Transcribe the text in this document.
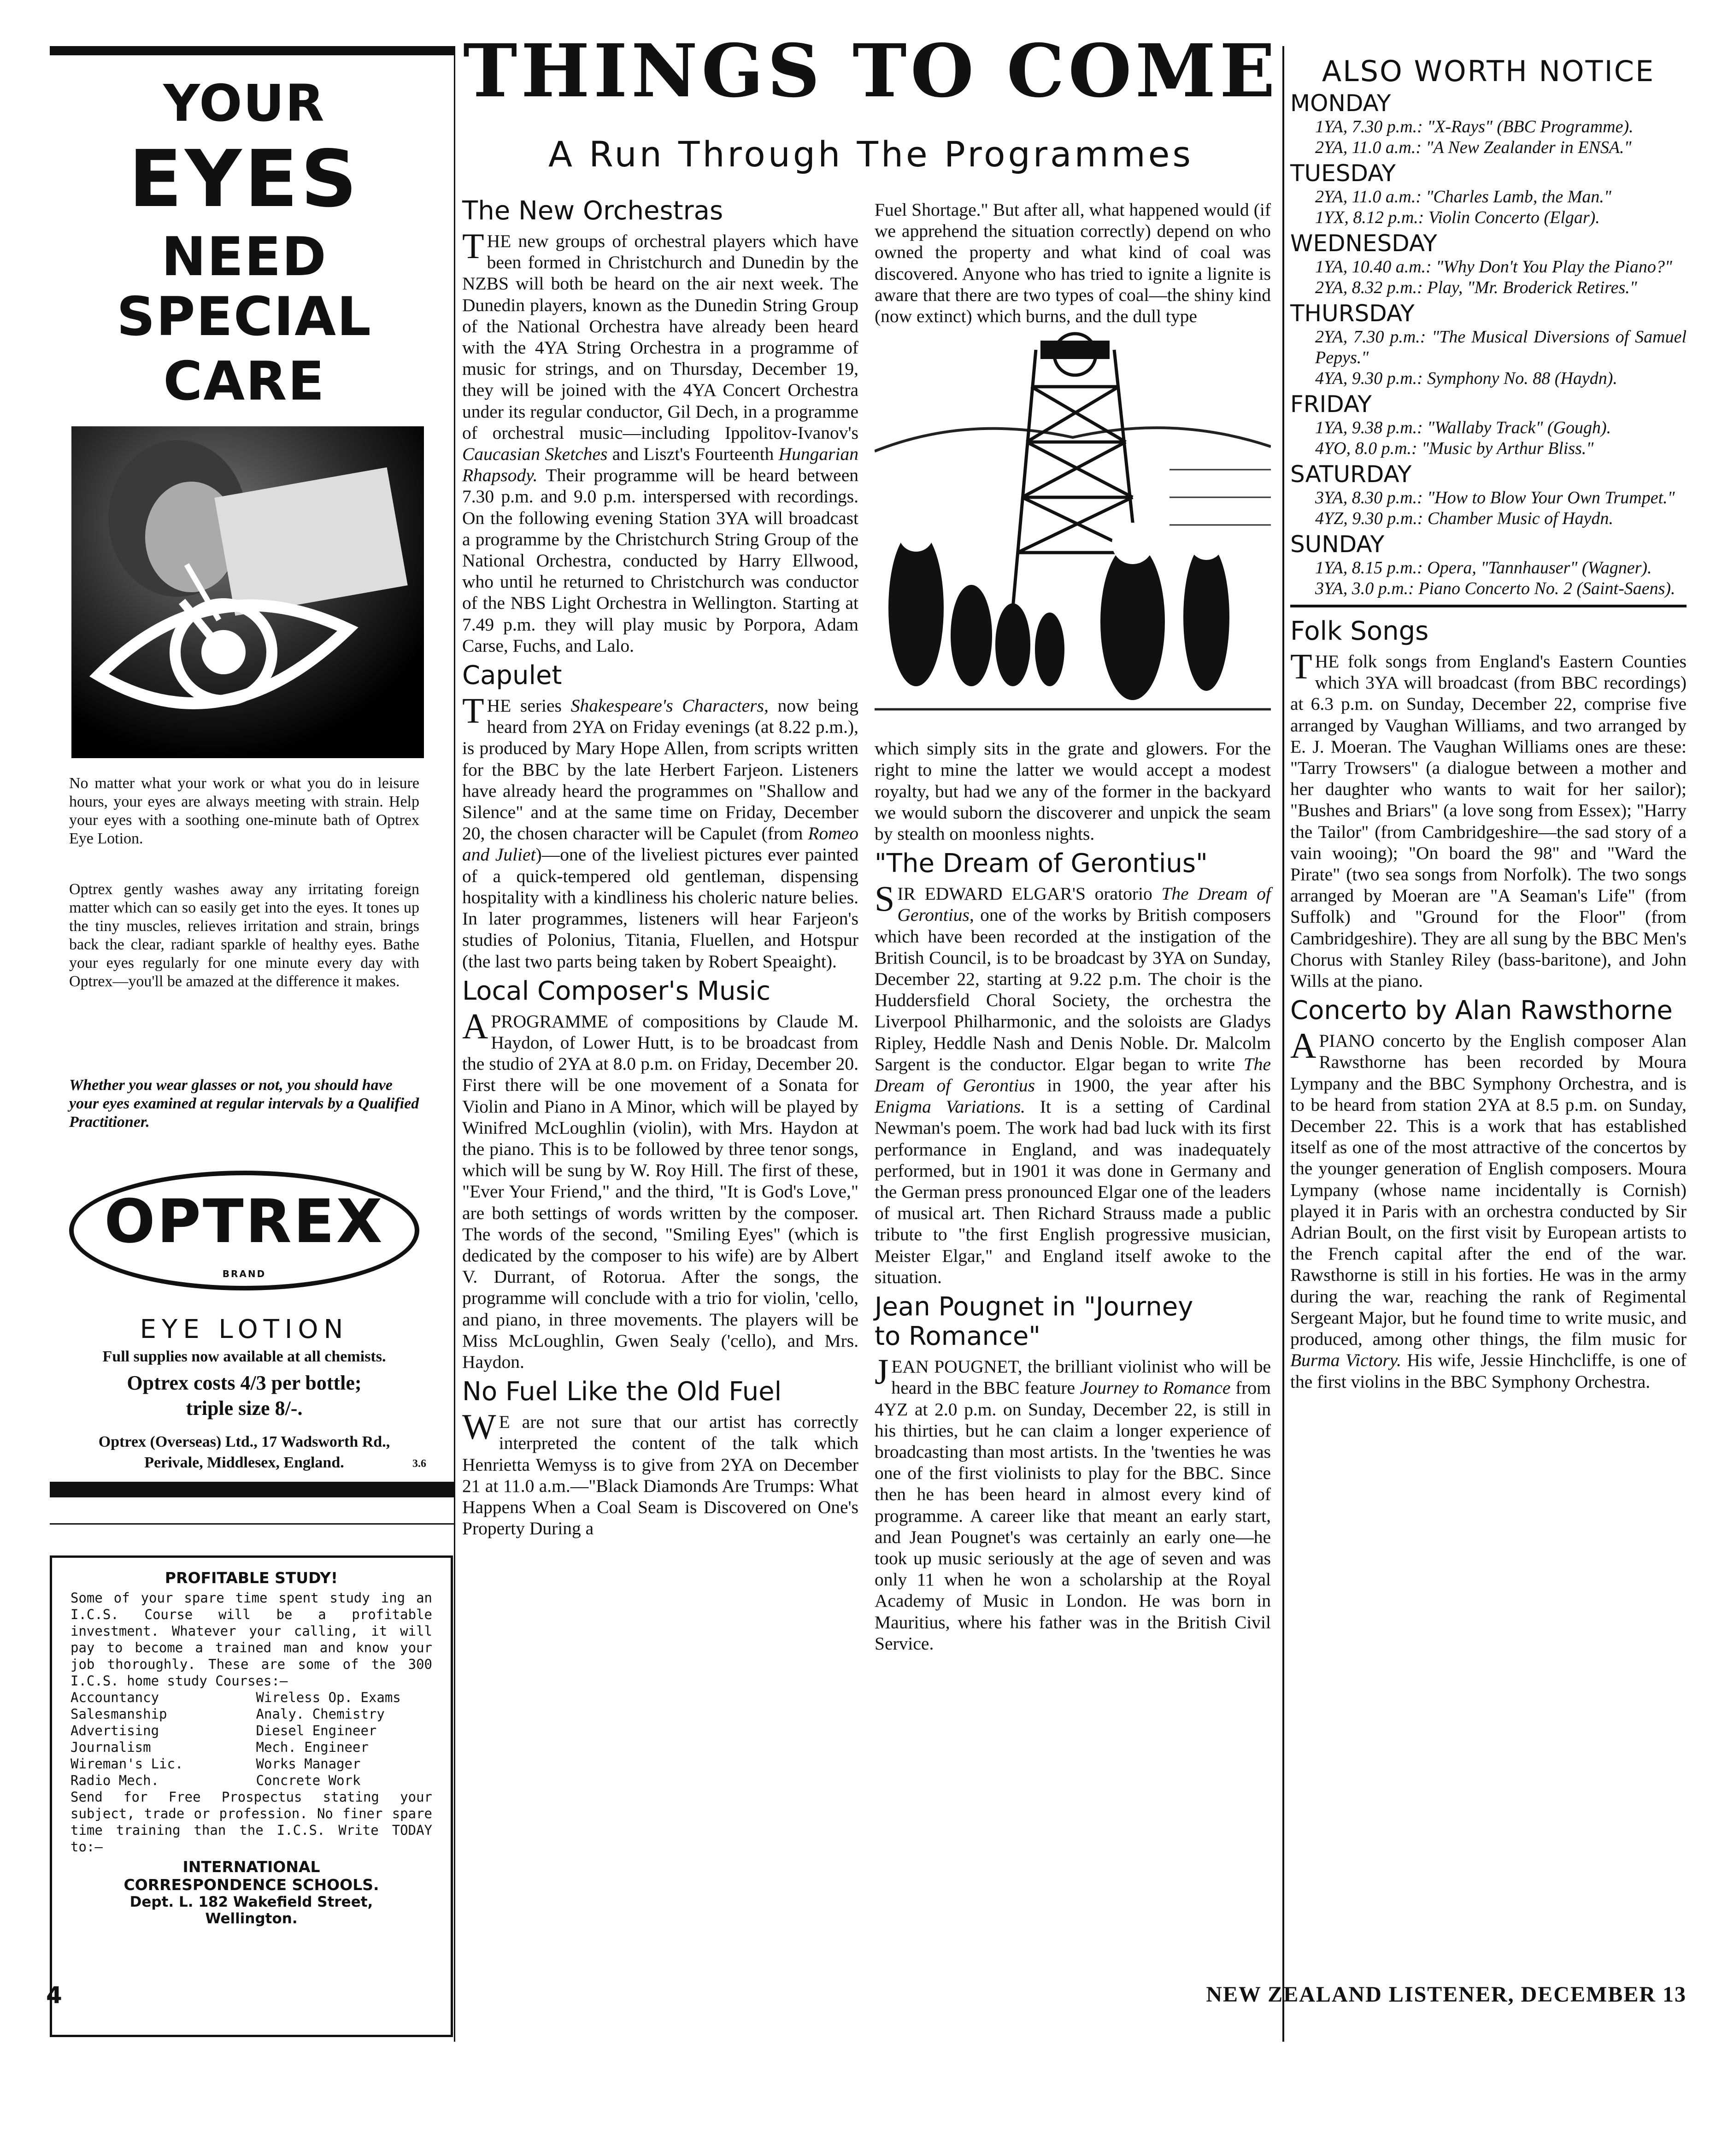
YOUR
EYES
NEED
SPECIAL
CARE
No matter what your work or what you do in leisure hours, your eyes are always meeting with strain. Help your eyes with a soothing one-minute bath of Optrex Eye Lotion.
Optrex gently washes away any irritating foreign matter which can so easily get into the eyes. It tones up the tiny muscles, relieves irritation and strain, brings back the clear, radiant sparkle of healthy eyes. Bathe your eyes regularly for one minute every day with Optrex—you'll be amazed at the difference it makes.
Whether you wear glasses or not, you should have your eyes examined at regular intervals by a Qualified Practitioner.
OPTREX
BRAND
EYE LOTION
Full supplies now available at all chemists.
Optrex costs 4/3 per bottle;
triple size 8/-.
Optrex (Overseas) Ltd., 17 Wadsworth Rd.,
Perivale, Middlesex, England.	3.6
PROFITABLE STUDY!
Some of your spare time spent study ing an I.C.S. Course will be a profitable investment. Whatever your calling, it will pay to become a trained man and know your job thoroughly. These are some of the 300 I.C.S. home study Courses:—
Accountancy	Wireless Op. Exams
Salesmanship	Analy. Chemistry
Advertising	Diesel Engineer
Journalism	Mech. Engineer
Wireman's Lic.	Works Manager
Radio Mech.	Concrete Work
Send for Free Prospectus stating your subject, trade or profession. No finer spare time training than the I.C.S. Write TODAY to:—
INTERNATIONAL
CORRESPONDENCE SCHOOLS.
Dept. L. 182 Wakefield Street,
Wellington.
THINGS TO COME
A Run Through The Programmes
The New Orchestras

THE new groups of orchestral players which have been formed in Christchurch and Dunedin by the NZBS will both be heard on the air next week. The Dunedin players, known as the Dunedin String Group of the National Orchestra have already been heard with the 4YA String Orchestra in a programme of music for strings, and on Thursday, December 19, they will be joined with the 4YA Concert Orchestra under its regular conductor, Gil Dech, in a programme of orchestral music—including Ippolitov-Ivanov's Caucasian Sketches and Liszt's Fourteenth Hungarian Rhapsody. Their programme will be heard between 7.30 p.m. and 9.0 p.m. interspersed with recordings. On the following evening Station 3YA will broadcast a programme by the Christchurch String Group of the National Orchestra, conducted by Harry Ellwood, who until he returned to Christchurch was conductor of the NBS Light Orchestra in Wellington. Starting at 7.49 p.m. they will play music by Porpora, Adam Carse, Fuchs, and Lalo.

Capulet

THE series Shakespeare's Characters, now being heard from 2YA on Friday evenings (at 8.22 p.m.), is produced by Mary Hope Allen, from scripts written for the BBC by the late Herbert Farjeon. Listeners have already heard the programmes on "Shallow and Silence" and at the same time on Friday, December 20, the chosen character will be Capulet (from Romeo and Juliet)—one of the liveliest pictures ever painted of a quick-tempered old gentleman, dispensing hospitality with a kindliness his choleric nature belies. In later programmes, listeners will hear Farjeon's studies of Polonius, Titania, Fluellen, and Hotspur (the last two parts being taken by Robert Speaight).

Local Composer's Music

A PROGRAMME of compositions by Claude M. Haydon, of Lower Hutt, is to be broadcast from the studio of 2YA at 8.0 p.m. on Friday, December 20. First there will be one movement of a Sonata for Violin and Piano in A Minor, which will be played by Winifred McLoughlin (violin), with Mrs. Haydon at the piano. This is to be followed by three tenor songs, which will be sung by W. Roy Hill. The first of these, "Ever Your Friend," and the third, "It is God's Love," are both settings of words written by the composer. The words of the second, "Smiling Eyes" (which is dedicated by the composer to his wife) are by Albert V. Durrant, of Rotorua. After the songs, the programme will conclude with a trio for violin, 'cello, and piano, in three movements. The players will be Miss McLoughlin, Gwen Sealy ('cello), and Mrs. Haydon.

No Fuel Like the Old Fuel

W E are not sure that our artist has correctly interpreted the content of the talk which Henrietta Wemyss is to give from 2YA on December 21 at 11.0 a.m.—"Black Diamonds Are Trumps: What Happens When a Coal Seam is Discovered on One's Property During a

Fuel Shortage." But after all, what happened would (if we apprehend the situation correctly) depend on who owned the property and what kind of coal was discovered. Anyone who has tried to ignite a lignite is aware that there are two types of coal—the shiny kind (now extinct) which burns, and the dull type

which simply sits in the grate and glowers. For the right to mine the latter we would accept a modest royalty, but had we any of the former in the backyard we would suborn the discoverer and unpick the seam by stealth on moonless nights.

"The Dream of Gerontius"

SIR EDWARD ELGAR'S oratorio The Dream of Gerontius, one of the works by British composers which have been recorded at the instigation of the British Council, is to be broadcast by 3YA on Sunday, December 22, starting at 9.22 p.m. The choir is the Huddersfield Choral Society, the orchestra the Liverpool Philharmonic, and the soloists are Gladys Ripley, Heddle Nash and Denis Noble. Dr. Malcolm Sargent is the conductor. Elgar began to write The Dream of Gerontius in 1900, the year after his Enigma Variations. It is a setting of Cardinal Newman's poem. The work had bad luck with its first performance in England, and was inadequately performed, but in 1901 it was done in Germany and the German press pronounced Elgar one of the leaders of musical art. Then Richard Strauss made a public tribute to "the first English progressive musician, Meister Elgar," and England itself awoke to the situation.

Jean Pougnet in "Journey
to Romance"

JEAN POUGNET, the brilliant violinist who will be heard in the BBC feature Journey to Romance from 4YZ at 2.0 p.m. on Sunday, December 22, is still in his thirties, but he can claim a longer experience of broadcasting than most artists. In the 'twenties he was one of the first violinists to play for the BBC. Since then he has been heard in almost every kind of programme. A career like that meant an early start, and Jean Pougnet's was certainly an early one—he took up music seriously at the age of seven and was only 11 when he won a scholarship at the Royal Academy of Music in London. He was born in Mauritius, where his father was in the British Civil Service.

ALSO WORTH NOTICE
MONDAY
1YA, 7.30 p.m.: "X-Rays" (BBC Programme).
2YA, 11.0 a.m.: "A New Zealander in ENSA."
TUESDAY
2YA, 11.0 a.m.: "Charles Lamb, the Man."
1YX, 8.12 p.m.: Violin Concerto (Elgar).
WEDNESDAY
1YA, 10.40 a.m.: "Why Don't You Play the Piano?"
2YA, 8.32 p.m.: Play, "Mr. Broderick Retires."
THURSDAY
2YA, 7.30 p.m.: "The Musical Diversions of Samuel Pepys."
4YA, 9.30 p.m.: Symphony No. 88 (Haydn).
FRIDAY
1YA, 9.38 p.m.: "Wallaby Track" (Gough).
4YO, 8.0 p.m.: "Music by Arthur Bliss."
SATURDAY
3YA, 8.30 p.m.: "How to Blow Your Own Trumpet."
4YZ, 9.30 p.m.: Chamber Music of Haydn.
SUNDAY
1YA, 8.15 p.m.: Opera, "Tannhauser" (Wagner).
3YA, 3.0 p.m.: Piano Concerto No. 2 (Saint-Saens).
Folk Songs

THE folk songs from England's Eastern Counties which 3YA will broadcast (from BBC recordings) at 6.3 p.m. on Sunday, December 22, comprise five arranged by Vaughan Williams, and two arranged by E. J. Moeran. The Vaughan Williams ones are these: "Tarry Trowsers" (a dialogue between a mother and her daughter who wants to wait for her sailor); "Bushes and Briars" (a love song from Essex); "Harry the Tailor" (from Cambridgeshire—the sad story of a vain wooing); "On board the 98" and "Ward the Pirate" (two sea songs from Norfolk). The two songs arranged by Moeran are "A Seaman's Life" (from Suffolk) and "Ground for the Floor" (from Cambridgeshire). They are all sung by the BBC Men's Chorus with Stanley Riley (bass-baritone), and John Wills at the piano.

Concerto by Alan Rawsthorne

A PIANO concerto by the English composer Alan Rawsthorne has been recorded by Moura Lympany and the BBC Symphony Orchestra, and is to be heard from station 2YA at 8.5 p.m. on Sunday, December 22. This is a work that has established itself as one of the most attractive of the concertos by the younger generation of English composers. Moura Lympany (whose name incidentally is Cornish) played it in Paris with an orchestra conducted by Sir Adrian Boult, on the first visit by European artists to the French capital after the end of the war. Rawsthorne is still in his forties. He was in the army during the war, reaching the rank of Regimental Sergeant Major, but he found time to write music, and produced, among other things, the film music for Burma Victory. His wife, Jessie Hinchcliffe, is one of the first violins in the BBC Symphony Orchestra.

4	NEW ZEALAND LISTENER, DECEMBER 13
